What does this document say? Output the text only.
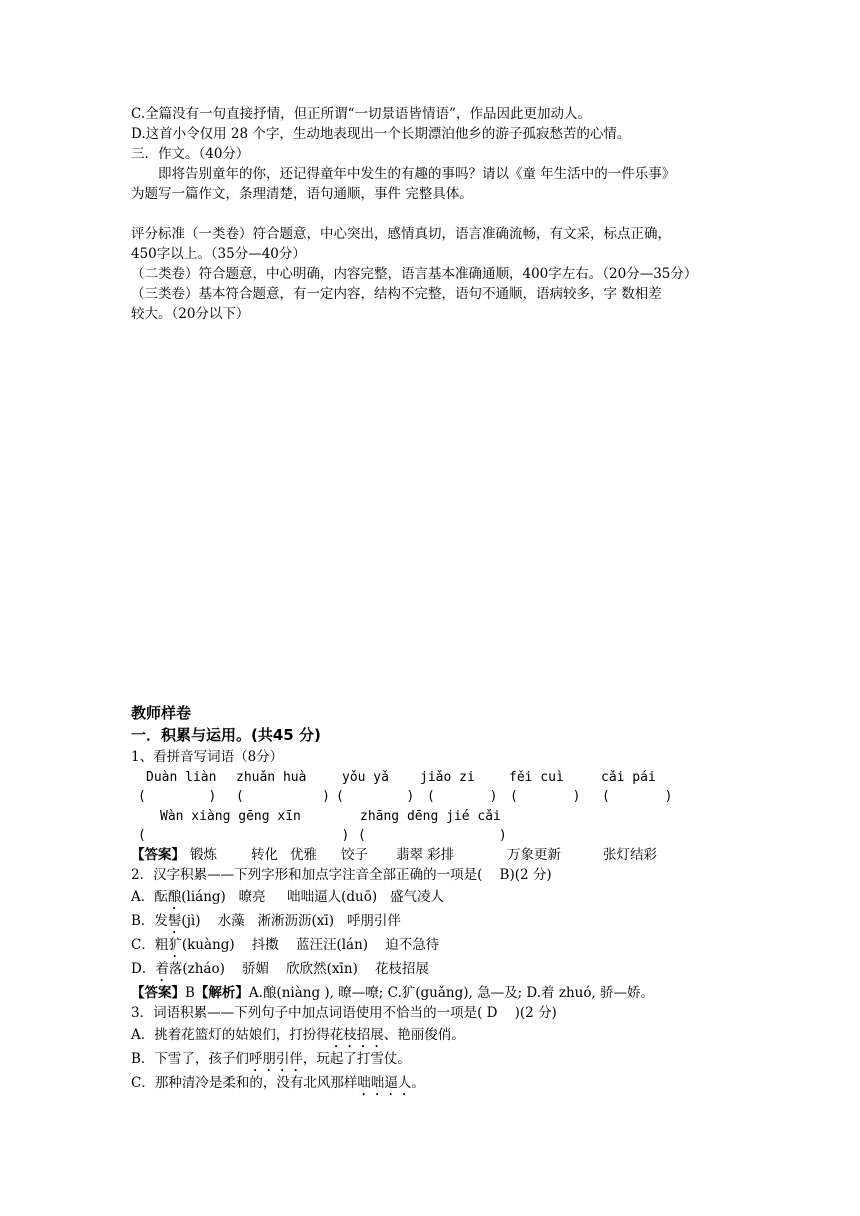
C.全篇没有一句直接抒情，但正所谓“一切景语皆情语”，作品因此更加动人。
D.这首小令仅用 28 个字，生动地表现出一个长期漂泊他乡的游子孤寂愁苦的心情。
三．作文。（40分）
即将告别童年的你，还记得童年中发生的有趣的事吗？请以《童 年生活中的一件乐事》
为题写一篇作文，条理清楚，语句通顺，事件 完整具体。
评分标准（一类卷）符合题意，中心突出，感情真切，语言准确流畅，有文采，标点正确，
450字以上。（35分—40分）
（二类卷）符合题意，中心明确，内容完整，语言基本准确通顺，400字左右。（20分—35分）
（三类卷）基本符合题意，有一定内容，结构不完整，语句不通顺，语病较多，字 数相差
较大。（20分以下）
教师样卷
一．积累与运用。(共45 分)
1、看拼音写词语（8分）
Duàn liàn zhuǎn huà	yǒu yǎ jiǎo zi	fěi cuì	cǎi pái
(        ) (          ) (        ) (       ) (       ) (       )
Wàn xiàng gēng xīn	zhāng dēng jié cǎi
(                         ) (                 )
【答案】 锻炼	转化 优雅 饺子 翡翠 彩排	万象更新	张灯结彩
2．汉字积累——下列字形和加点字注音全部正确的一项是(    B)(2 分)
A．酝酿(liáng)   暸亮     咄咄逼人(duō)   盛气凌人
B．发髻(jì)    水藻   淅淅沥沥(xī)   呼朋引伴
C．粗犷(kuàng)    抖擞    蓝汪汪(lán)    迫不急待
D．着落(zháo)    骄媚    欣欣然(xīn)    花枝招展
【答案】B【解析】A.酿(niàng ), 暸—嘹; C.犷(guǎng), 急—及; D.着 zhuó, 骄—娇。
3．词语积累——下列句子中加点词语使用不恰当的一项是( D    )(2 分)
A．挑着花篮灯的姑娘们，打扮得花枝招展、艳丽俊俏。
B．下雪了，孩子们呼朋引伴，玩起了打雪仗。
C．那种清冷是柔和的，没有北风那样咄咄逼人。
